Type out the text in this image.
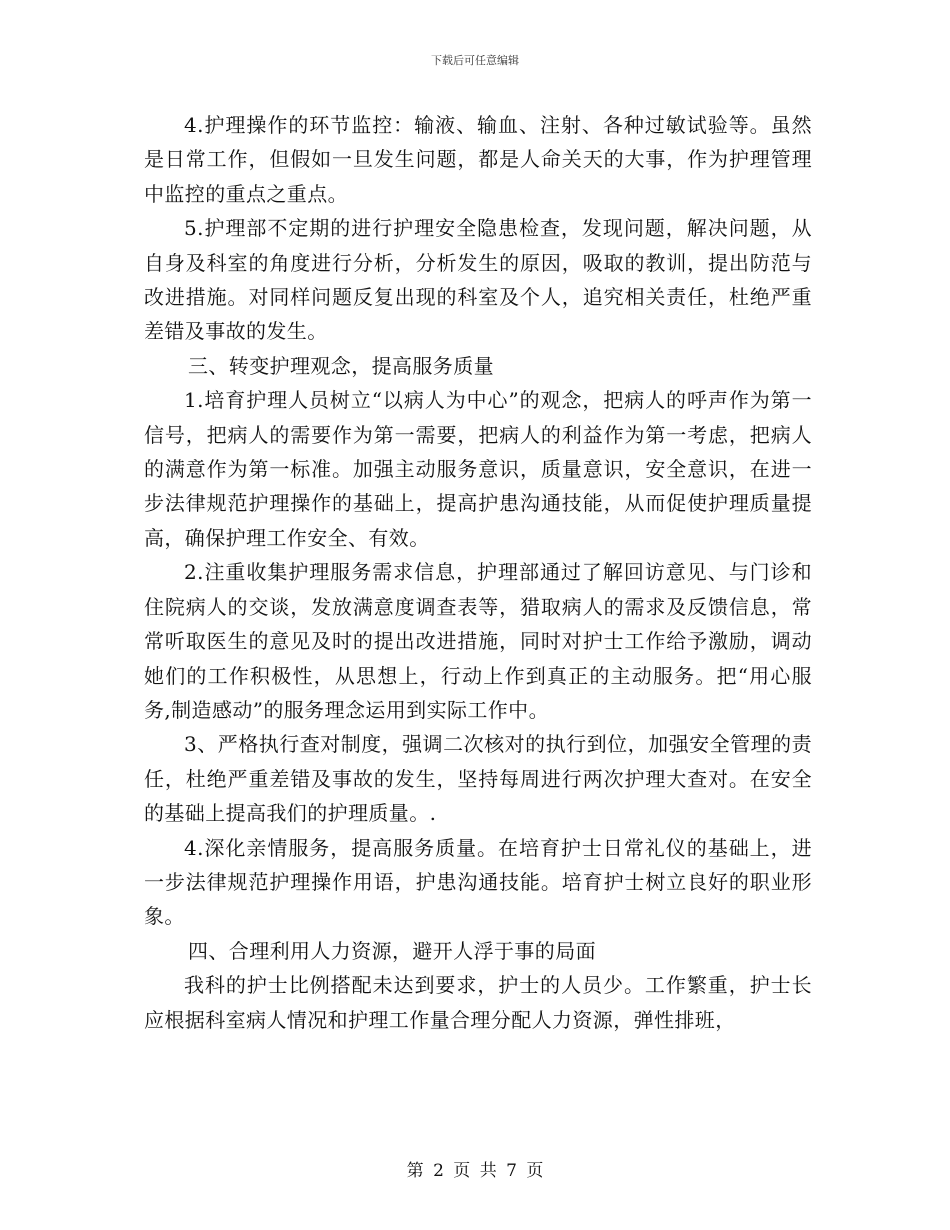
下载后可任意编辑

4.护理操作的环节监控：输液、输血、注射、各种过敏试验等。虽然是日常工作，但假如一旦发生问题，都是人命关天的大事，作为护理管理中监控的重点之重点。

5.护理部不定期的进行护理安全隐患检查，发现问题，解决问题，从自身及科室的角度进行分析，分析发生的原因，吸取的教训，提出防范与改进措施。对同样问题反复出现的科室及个人，追究相关责任，杜绝严重差错及事故的发生。

三、转变护理观念，提高服务质量

1.培育护理人员树立“以病人为中心”的观念，把病人的呼声作为第一信号，把病人的需要作为第一需要，把病人的利益作为第一考虑，把病人的满意作为第一标准。加强主动服务意识，质量意识，安全意识，在进一步法律规范护理操作的基础上，提高护患沟通技能，从而促使护理质量提高，确保护理工作安全、有效。

2.注重收集护理服务需求信息，护理部通过了解回访意见、与门诊和住院病人的交谈，发放满意度调查表等，猎取病人的需求及反馈信息，常常听取医生的意见及时的提出改进措施，同时对护士工作给予激励，调动她们的工作积极性，从思想上，行动上作到真正的主动服务。把“用心服务,制造感动”的服务理念运用到实际工作中。

3、严格执行查对制度，强调二次核对的执行到位，加强安全管理的责任，杜绝严重差错及事故的发生，坚持每周进行两次护理大查对。在安全的基础上提高我们的护理质量。.

4.深化亲情服务，提高服务质量。在培育护士日常礼仪的基础上，进一步法律规范护理操作用语，护患沟通技能。培育护士树立良好的职业形象。

四、合理利用人力资源，避开人浮于事的局面

我科的护士比例搭配未达到要求，护士的人员少。工作繁重，护士长应根据科室病人情况和护理工作量合理分配人力资源，弹性排班，

第 2 页 共 7 页
